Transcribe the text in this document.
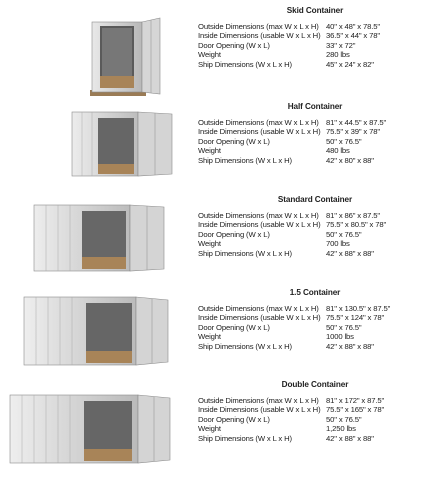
Skid Container
Outside Dimensions (max W x L x H) 40" x 48" x 78.5"
Inside Dimensions (usable W x L x H) 36.5" x 44" x 78"
Door Opening (W x L)	33" x 72"
Weight	280 lbs
Ship Dimensions (W x L x H)	45" x 24" x 82"
Half Container
Outside Dimensions (max W x L x H) 81" x 44.5" x 87.5"
Inside Dimensions (usable W x L x H) 75.5" x 39" x 78"
Door Opening (W x L)	50" x 76.5"
Weight	480 lbs
Ship Dimensions (W x L x H)	42" x 80" x 88"
Standard Container
Outside Dimensions (max W x L x H) 81" x 86" x 87.5"
Inside Dimensions (usable W x L x H) 75.5" x 80.5" x 78"
Door Opening (W x L)	50" x 76.5"
Weight	700 lbs
Ship Dimensions (W x L x H)	42" x 88" x 88"
1.5 Container
Outside Dimensions (max W x L x H) 81" x 130.5" x 87.5"
Inside Dimensions (usable W x L x H) 75.5" x 124" x 78"
Door Opening (W x L)	50" x 76.5"
Weight	1000 lbs
Ship Dimensions (W x L x H)	42" x 88" x 88"
Double Container
Outside Dimensions (max W x L x H) 81" x 172" x 87.5"
Inside Dimensions (usable W x L x H) 75.5" x 165" x 78"
Door Opening (W x L)	50" x 76.5"
Weight	1,250 lbs
Ship Dimensions (W x L x H)	42" x 88" x 88"
